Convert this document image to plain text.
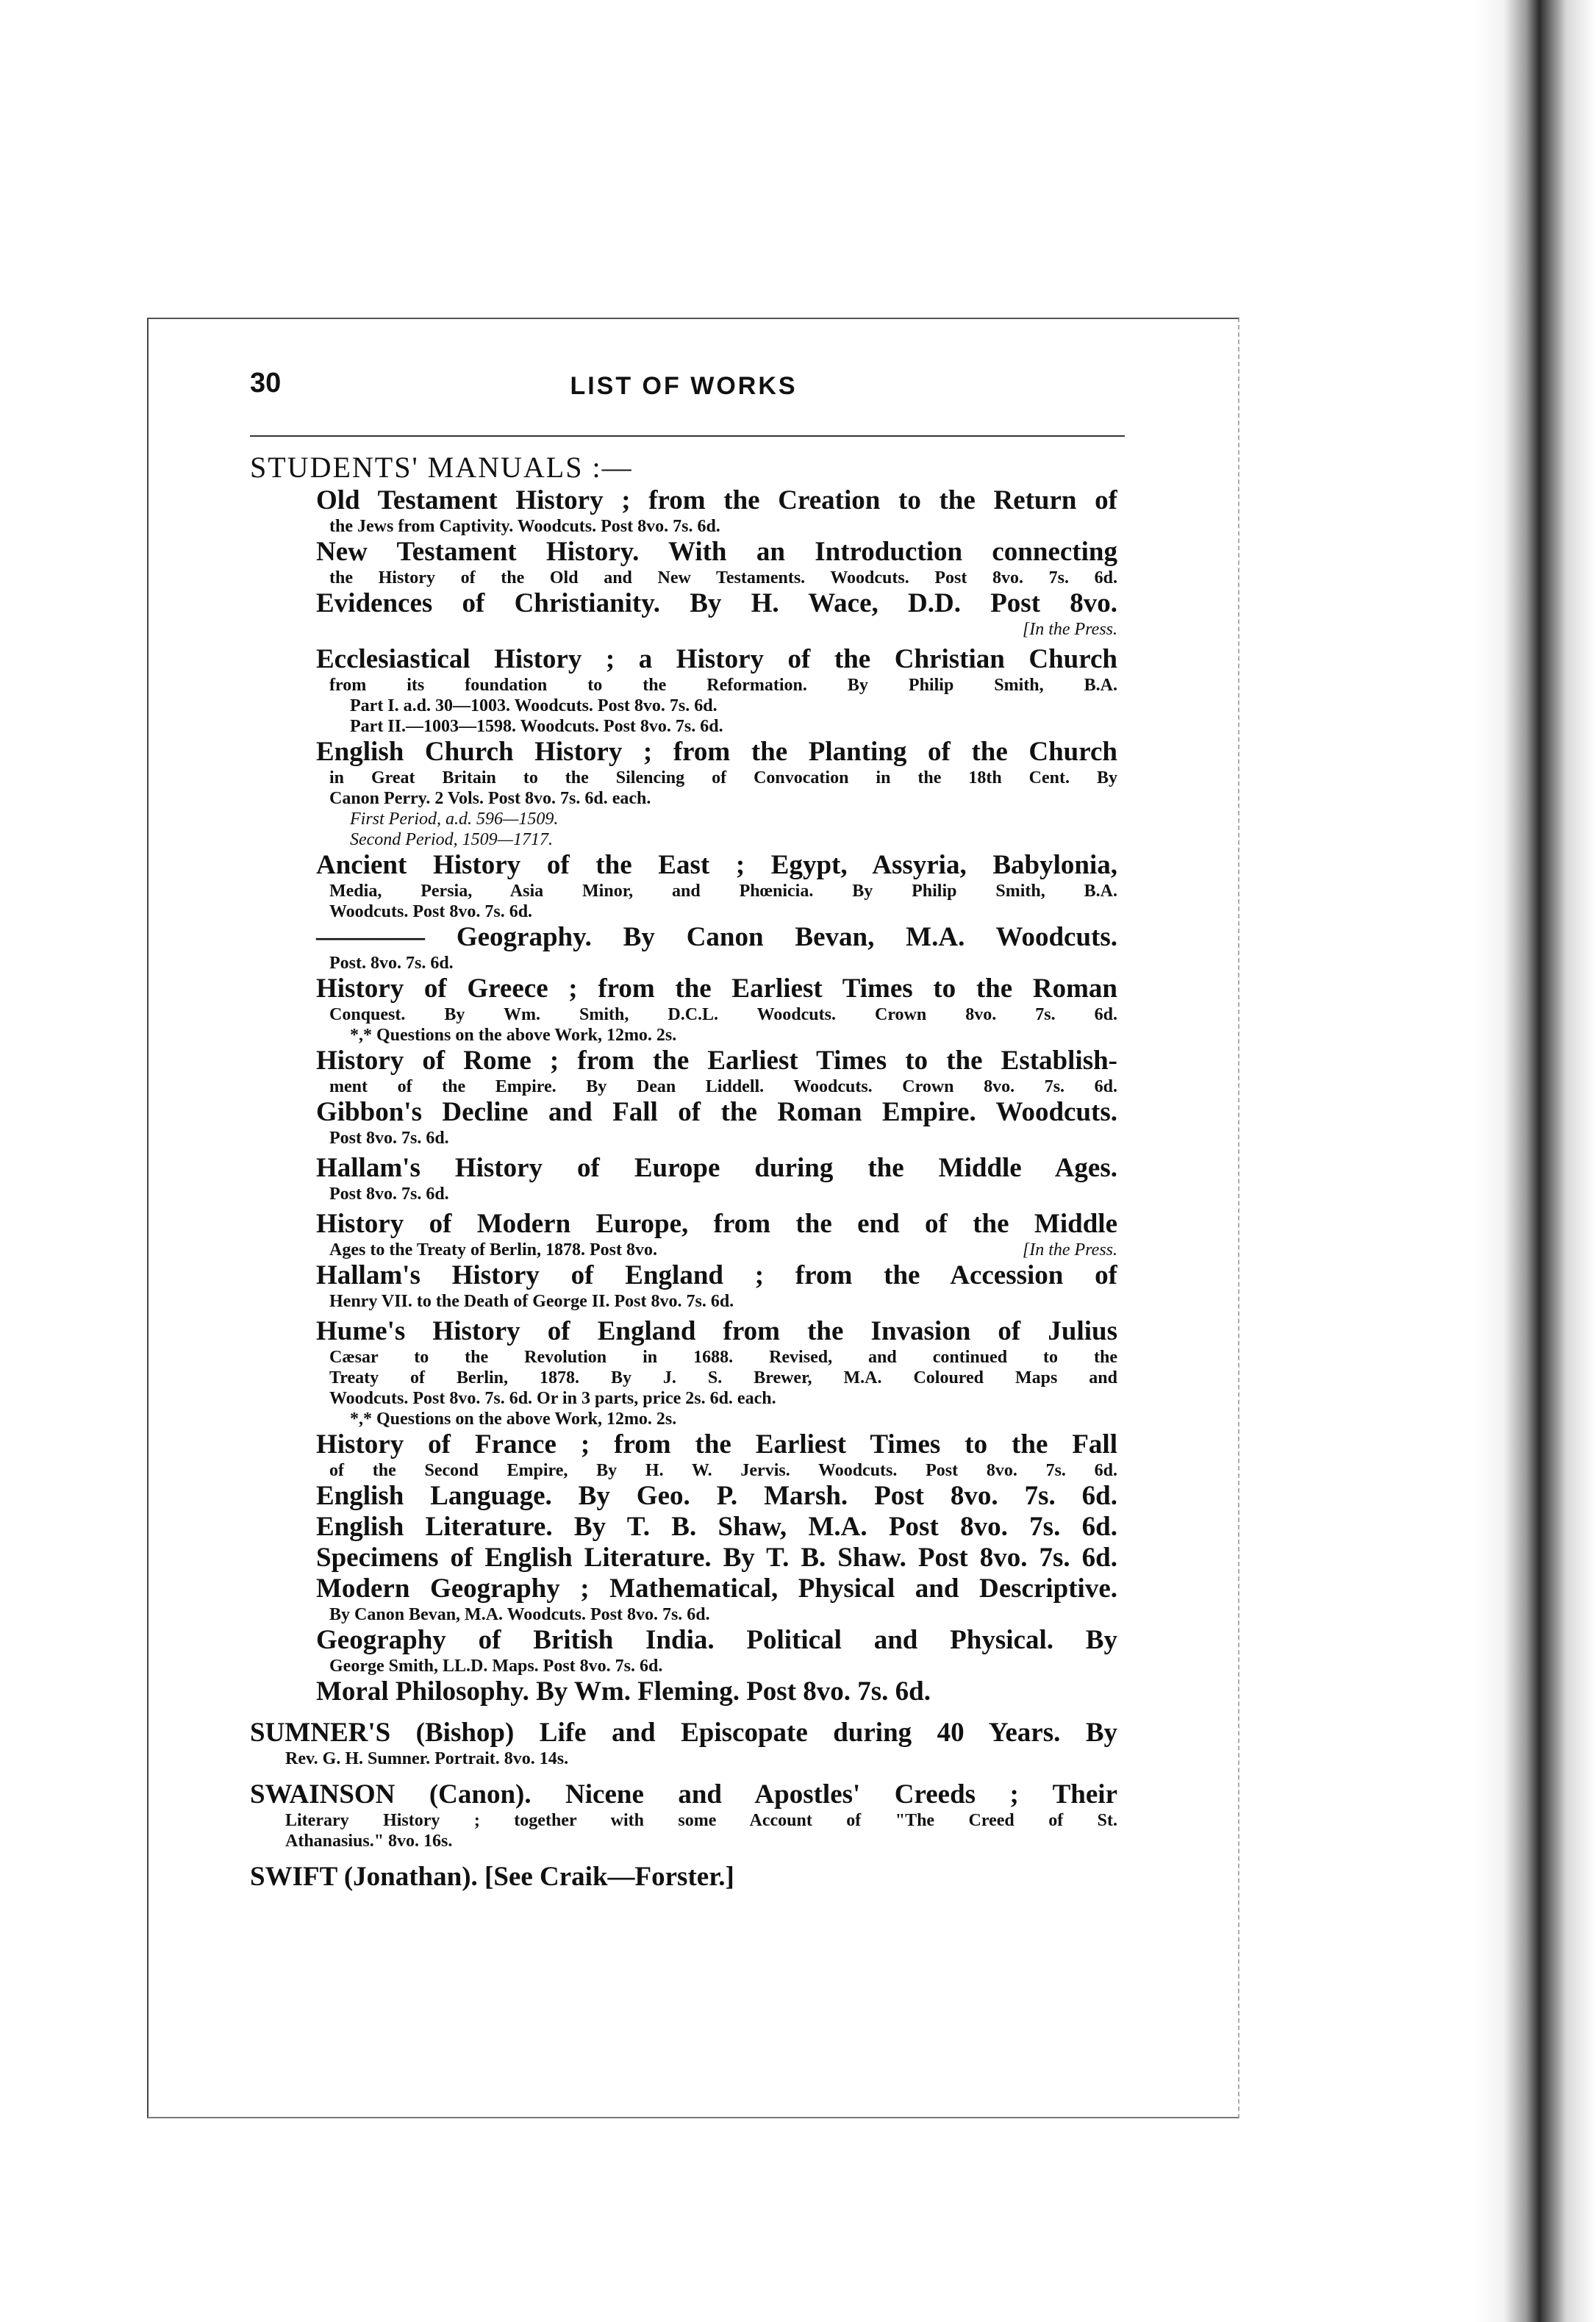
30	LIST OF WORKS
STUDENTS' MANUALS :—
Old Testament History ; from the Creation to the Return of
the Jews from Captivity. Woodcuts. Post 8vo. 7s. 6d.
New Testament History. With an Introduction connecting
the History of the Old and New Testaments. Woodcuts. Post 8vo. 7s. 6d.
Evidences of Christianity. By H. Wace, D.D. Post 8vo.
[In the Press.
Ecclesiastical History ; a History of the Christian Church
from its foundation to the Reformation. By Philip Smith, B.A.
Part I. a.d. 30—1003. Woodcuts. Post 8vo. 7s. 6d.
Part II.—1003—1598. Woodcuts. Post 8vo. 7s. 6d.
English Church History ; from the Planting of the Church
in Great Britain to the Silencing of Convocation in the 18th Cent. By
Canon Perry. 2 Vols. Post 8vo. 7s. 6d. each.
First Period, a.d. 596—1509.
Second Period, 1509—1717.
Ancient History of the East ; Egypt, Assyria, Babylonia,
Media, Persia, Asia Minor, and Phœnicia. By Philip Smith, B.A.
Woodcuts. Post 8vo. 7s. 6d.
———— Geography. By Canon Bevan, M.A. Woodcuts.
Post. 8vo. 7s. 6d.
History of Greece ; from the Earliest Times to the Roman
Conquest. By Wm. Smith, D.C.L. Woodcuts. Crown 8vo. 7s. 6d.
*,* Questions on the above Work, 12mo. 2s.
History of Rome ; from the Earliest Times to the Establish-
ment of the Empire. By Dean Liddell. Woodcuts. Crown 8vo. 7s. 6d.
Gibbon's Decline and Fall of the Roman Empire. Woodcuts.
Post 8vo. 7s. 6d.
Hallam's History of Europe during the Middle Ages.
Post 8vo. 7s. 6d.
History of Modern Europe, from the end of the Middle
[In the Press.
Ages to the Treaty of Berlin, 1878. Post 8vo.
Hallam's History of England ; from the Accession of
Henry VII. to the Death of George II. Post 8vo. 7s. 6d.
Hume's History of England from the Invasion of Julius
Cæsar to the Revolution in 1688. Revised, and continued to the
Treaty of Berlin, 1878. By J. S. Brewer, M.A. Coloured Maps and
Woodcuts. Post 8vo. 7s. 6d. Or in 3 parts, price 2s. 6d. each.
*,* Questions on the above Work, 12mo. 2s.
History of France ; from the Earliest Times to the Fall
of the Second Empire, By H. W. Jervis. Woodcuts. Post 8vo. 7s. 6d.
English Language. By Geo. P. Marsh. Post 8vo. 7s. 6d.
English Literature. By T. B. Shaw, M.A. Post 8vo. 7s. 6d.
Specimens of English Literature. By T. B. Shaw. Post 8vo. 7s. 6d.
Modern Geography ; Mathematical, Physical and Descriptive.
By Canon Bevan, M.A. Woodcuts. Post 8vo. 7s. 6d.
Geography of British India. Political and Physical. By
George Smith, LL.D. Maps. Post 8vo. 7s. 6d.
Moral Philosophy. By Wm. Fleming. Post 8vo. 7s. 6d.
SUMNER'S (Bishop) Life and Episcopate during 40 Years. By
Rev. G. H. Sumner. Portrait. 8vo. 14s.
SWAINSON (Canon). Nicene and Apostles' Creeds ; Their
Literary History ; together with some Account of "The Creed of St.
Athanasius." 8vo. 16s.
SWIFT (Jonathan). [See Craik—Forster.]
